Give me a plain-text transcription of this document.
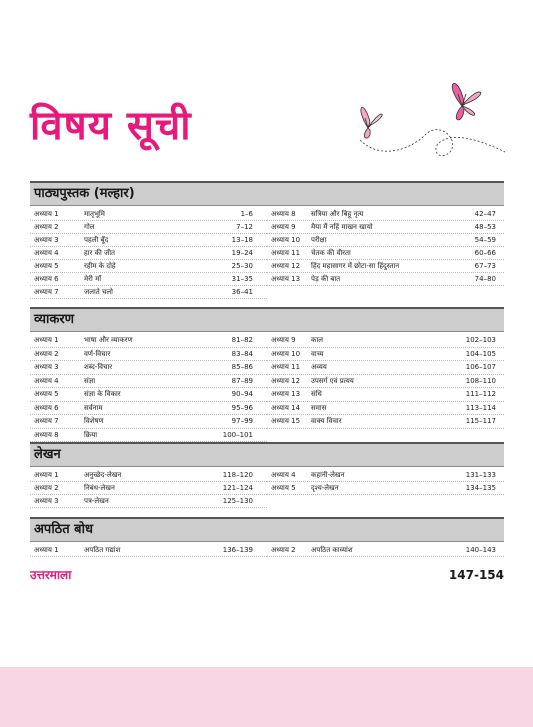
विषय सूची
पाठ्यपुस्तक (मल्हार)
अध्याय 1	मातृभूमि	1–6
अध्याय 2	गोल	7–12
अध्याय 3	पहली बूँद	13–18
अध्याय 4	हार की जीत	19–24
अध्याय 5	रहीम के दोहे	25–30
अध्याय 6	मेरी माँ	31–35
अध्याय 7	जलाते चलो	36–41
अध्याय 8	सत्रिया और बिहू नृत्य	42–47
अध्याय 9	मैया मैं नहिं माखन खायो	48–53
अध्याय 10	परीक्षा	54–59
अध्याय 11	चेतक की वीरता	60–66
अध्याय 12	हिंद महासागर में छोटा-सा हिंदुस्तान	67–73
अध्याय 13	पेड़ की बात	74–80
व्याकरण
अध्याय 1	भाषा और व्याकरण	81–82
अध्याय 2	वर्ण-विचार	83–84
अध्याय 3	शब्द-विचार	85–86
अध्याय 4	संज्ञा	87–89
अध्याय 5	संज्ञा के विकार	90–94
अध्याय 6	सर्वनाम	95–96
अध्याय 7	विशेषण	97–99
अध्याय 8	क्रिया	100–101
अध्याय 9	काल	102–103
अध्याय 10	वाच्य	104–105
अध्याय 11	अव्यय	106–107
अध्याय 12	उपसर्ग एवं प्रत्यय	108–110
अध्याय 13	संधि	111–112
अध्याय 14	समास	113–114
अध्याय 15	वाक्य विचार	115–117
लेखन
अध्याय 1	अनुच्छेद-लेखन	118–120
अध्याय 2	निबंध-लेखन	121–124
अध्याय 3	पत्र-लेखन	125–130
अध्याय 4	कहानी-लेखन	131–133
अध्याय 5	दृश्य-लेखन	134–135
अपठित बोध
अध्याय 1	अपठित गद्यांश	136–139	अध्याय 2	अपठित काव्यांश	140–143
उत्तरमाला	147-154
